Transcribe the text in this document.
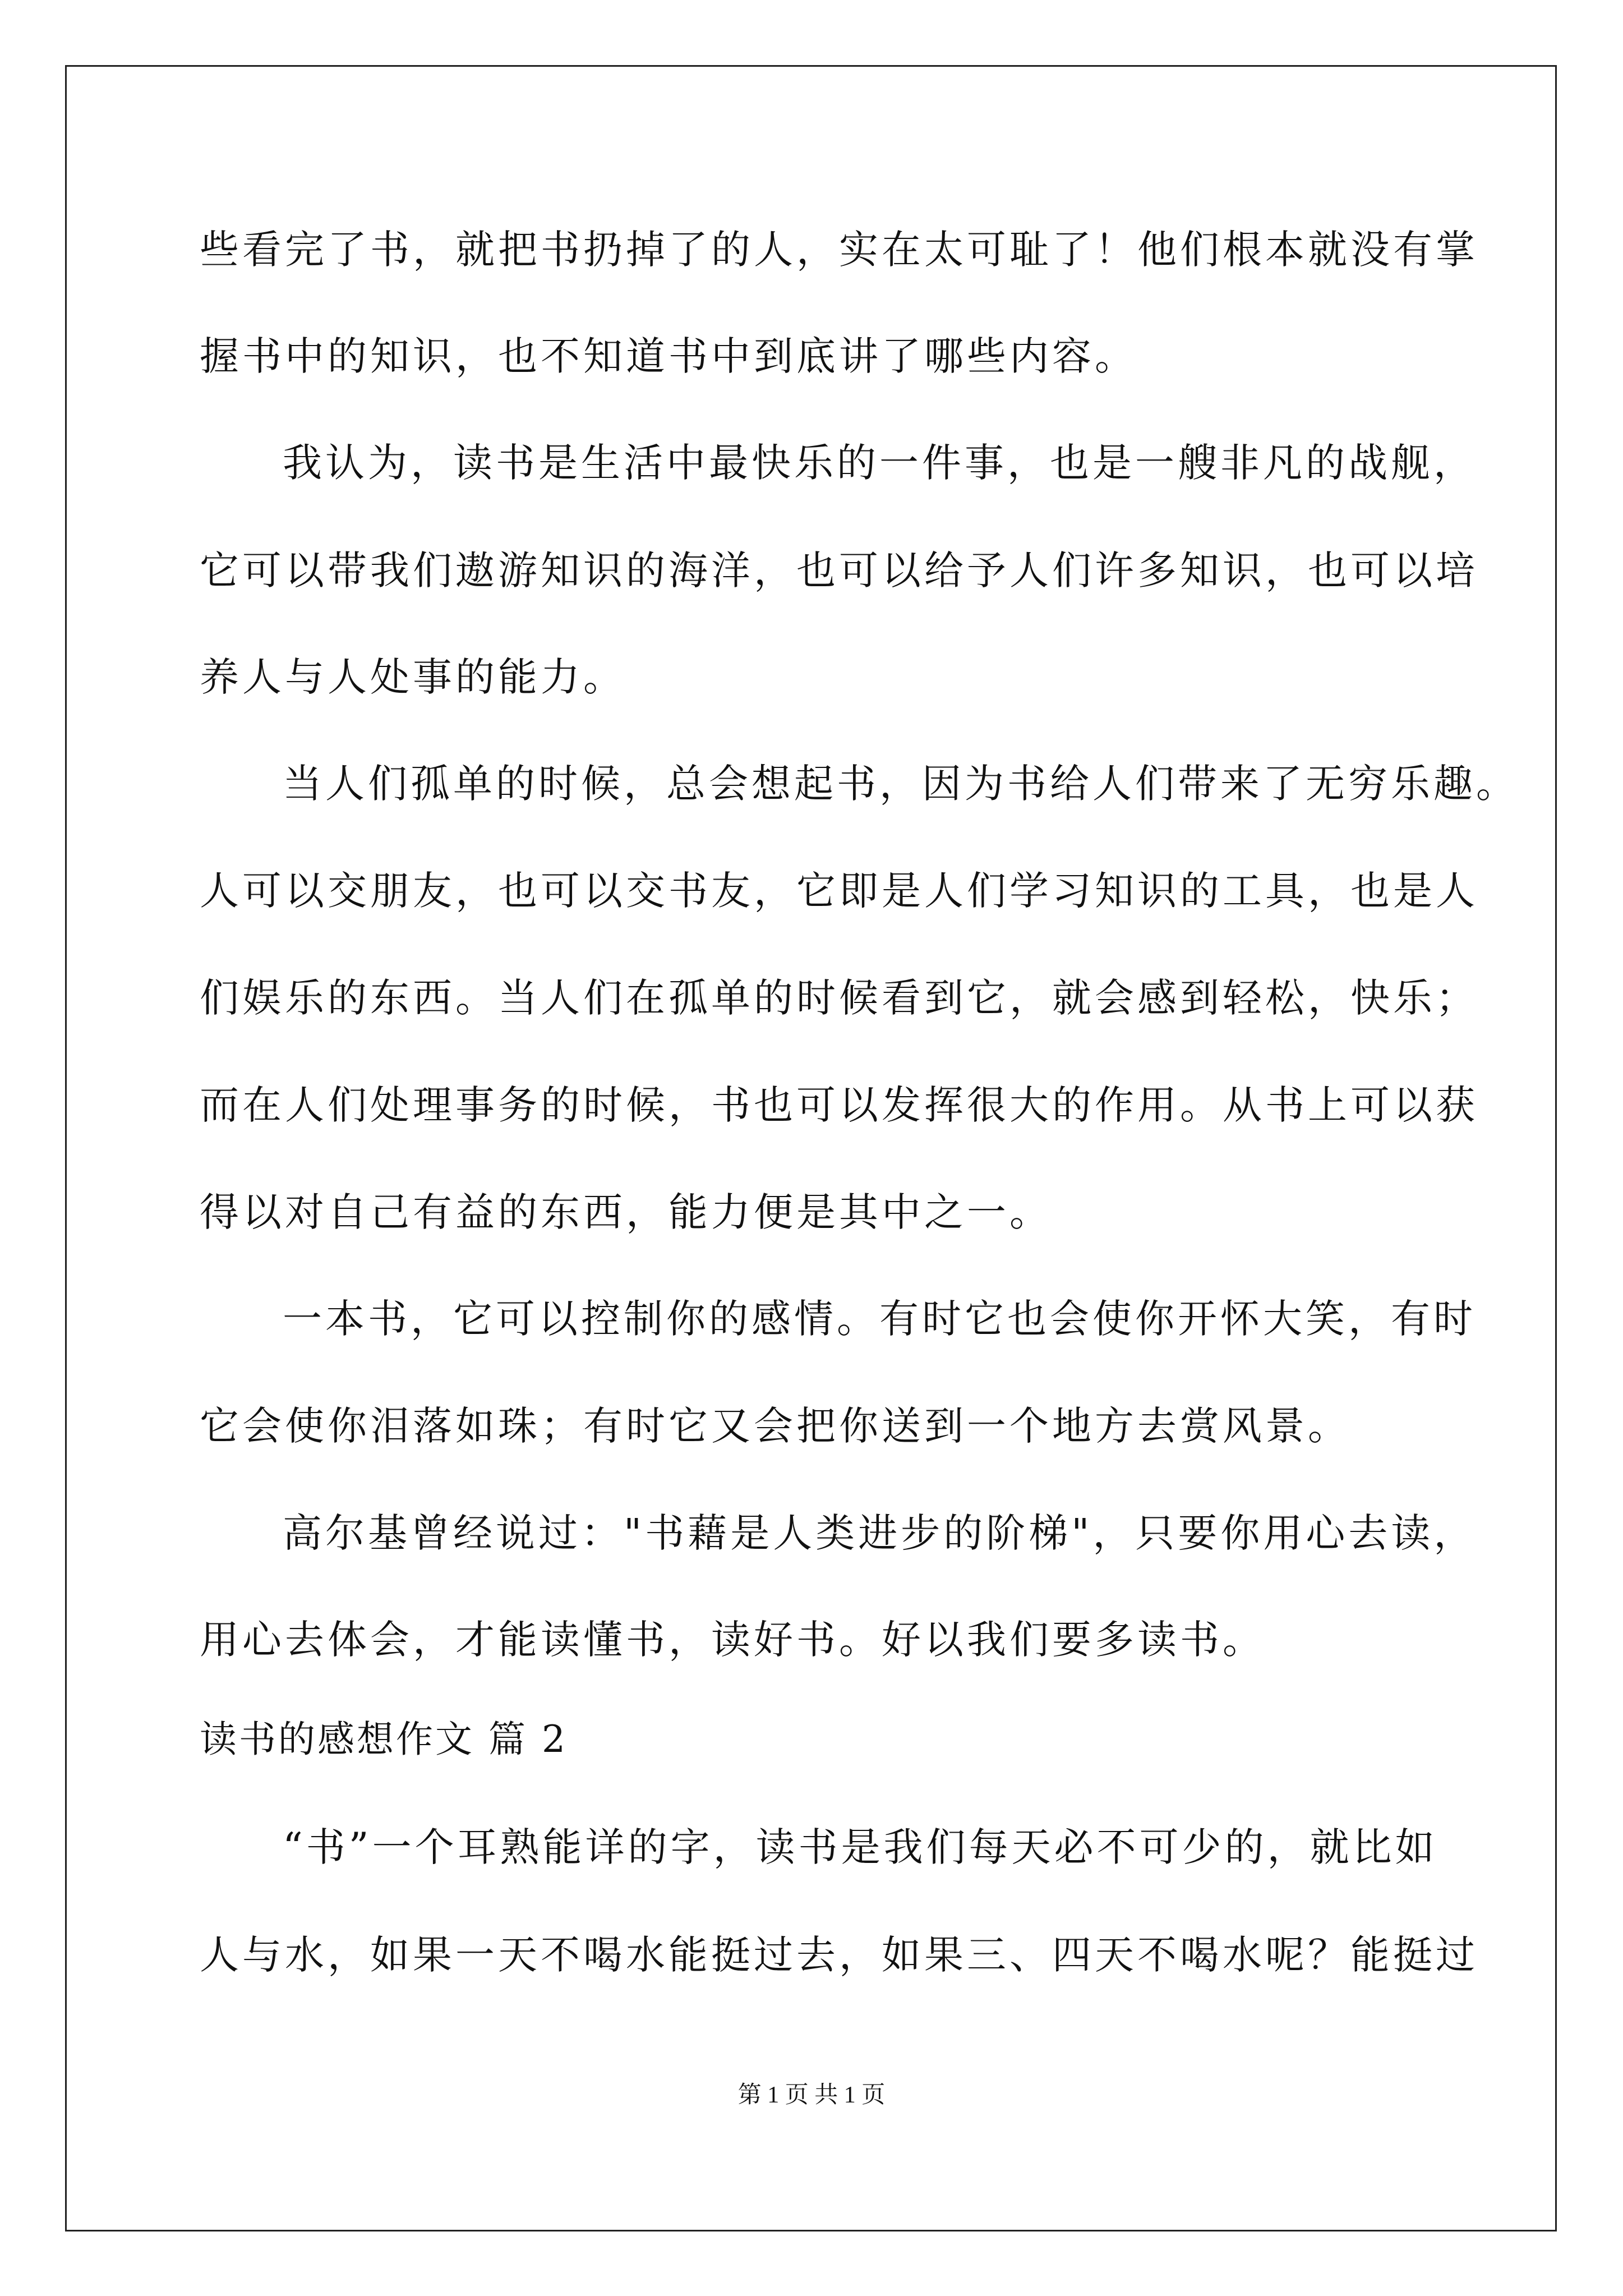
些看完了书，就把书扔掉了的人，实在太可耻了！他们根本就没有掌
握书中的知识，也不知道书中到底讲了哪些内容。
我认为，读书是生活中最快乐的一件事，也是一艘非凡的战舰，
它可以带我们遨游知识的海洋，也可以给予人们许多知识，也可以培
养人与人处事的能力。
当人们孤单的时候，总会想起书，因为书给人们带来了无穷乐趣。
人可以交朋友，也可以交书友，它即是人们学习知识的工具，也是人
们娱乐的东西。当人们在孤单的时候看到它，就会感到轻松，快乐；
而在人们处理事务的时候，书也可以发挥很大的作用。从书上可以获
得以对自己有益的东西，能力便是其中之一。
一本书，它可以控制你的感情。有时它也会使你开怀大笑，有时
它会使你泪落如珠；有时它又会把你送到一个地方去赏风景。
高尔基曾经说过："书藉是人类进步的阶梯"，只要你用心去读，
用心去体会，才能读懂书，读好书。好以我们要多读书。
读书的感想作文 篇 2
“书”一个耳熟能详的字，读书是我们每天必不可少的，就比如
人与水，如果一天不喝水能挺过去，如果三、四天不喝水呢？能挺过
第 1 页 共 1 页
